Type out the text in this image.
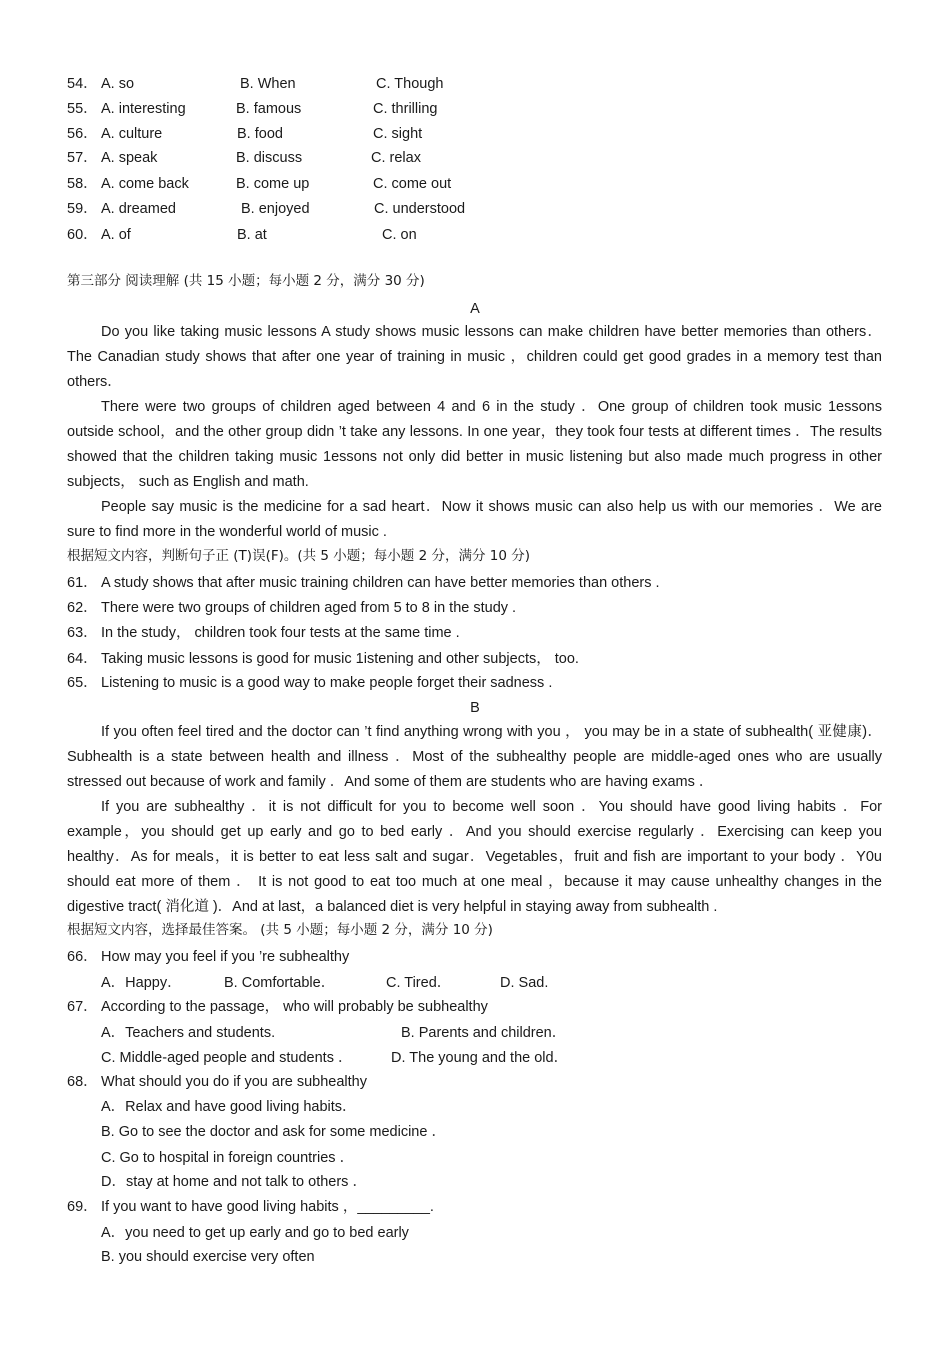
54． A. so	B. When	C. Though
55． A. interesting	B. famous	C. thrilling
56． A. culture	B. food	C. sight
57． A. speak	B. discuss	C. relax
58． A. come back	B. come up	C. come out
59． A. dreamed	B. enjoyed	C. understood
60． A. of	B. at	C. on
第三部分 阅读理解 (共 15 小题；每小题 2 分，满分 30 分)
A
Do you like taking music lessons A study shows music lessons can make children have better memories than others．The Canadian study shows that after one year of training in music ，children could get good grades in a memory test than others．
There were two groups of children aged between 4 and 6 in the study ．One group of children took music 1essons outside school，and the other group didn ’t take any lessons. In one year，they took four tests at different times ．The results showed that the children taking music 1essons not only did better in music listening but also made much progress in other subjects， such as English and math.
People say music is the medicine for a sad heart．Now it shows music can also help us with our memories ．We are sure to find more in the wonderful world of music .
根据短文内容，判断句子正 (T)误(F)。(共 5 小题；每小题 2 分，满分 10 分)
61． A study shows that after music training children can have better memories than others .
62． There were two groups of children aged from 5 to 8 in the study .
63． In the study， children took four tests at the same time .
64． Taking music lessons is good for music 1istening and other subjects， too.
65． Listening to music is a good way to make people forget their sadness .
B
If you often feel tired and the doctor can ’t find anything wrong with you ， you may be in a state of subhealth( 亚健康)．Subhealth is a state between health and illness ．Most of the subhealthy people are middle-aged ones who are usually stressed out because of work and family ．And some of them are students who are having exams ．
If you are subhealthy ．it is not difficult for you to become well soon ．You should have good living habits ．For example，you should get up early and go to bed early ．And you should exercise regularly ．Exercising can keep you healthy．As for meals，it is better to eat less salt and sugar．Vegetables，fruit and fish are important to your body ．Y0u should eat more of them ． It is not good to eat too much at one meal ，because it may cause unhealthy changes in the digestive tract( 消化道 )．And at last，a balanced diet is very helpful in staying away from subhealth .
根据短文内容，选择最佳答案。 (共 5 小题；每小题 2 分，满分 10 分)
66． How may you feel if you ’re subhealthy
A．Happy．	B. Comfortable．	C. Tired．	D. Sad.
67． According to the passage， who will probably be subhealthy
A．Teachers and students.	B. Parents and children．
C. Middle-aged people and students ．	D. The young and the old．
68． What should you do if you are subhealthy
A．Relax and have good living habits．
B. Go to see the doctor and ask for some medicine ．
C. Go to hospital in foreign countries ．
D．stay at home and not talk to others ．
69． If you want to have good living habits ，_________.
A．you need to get up early and go to bed early
B. you should exercise very often
